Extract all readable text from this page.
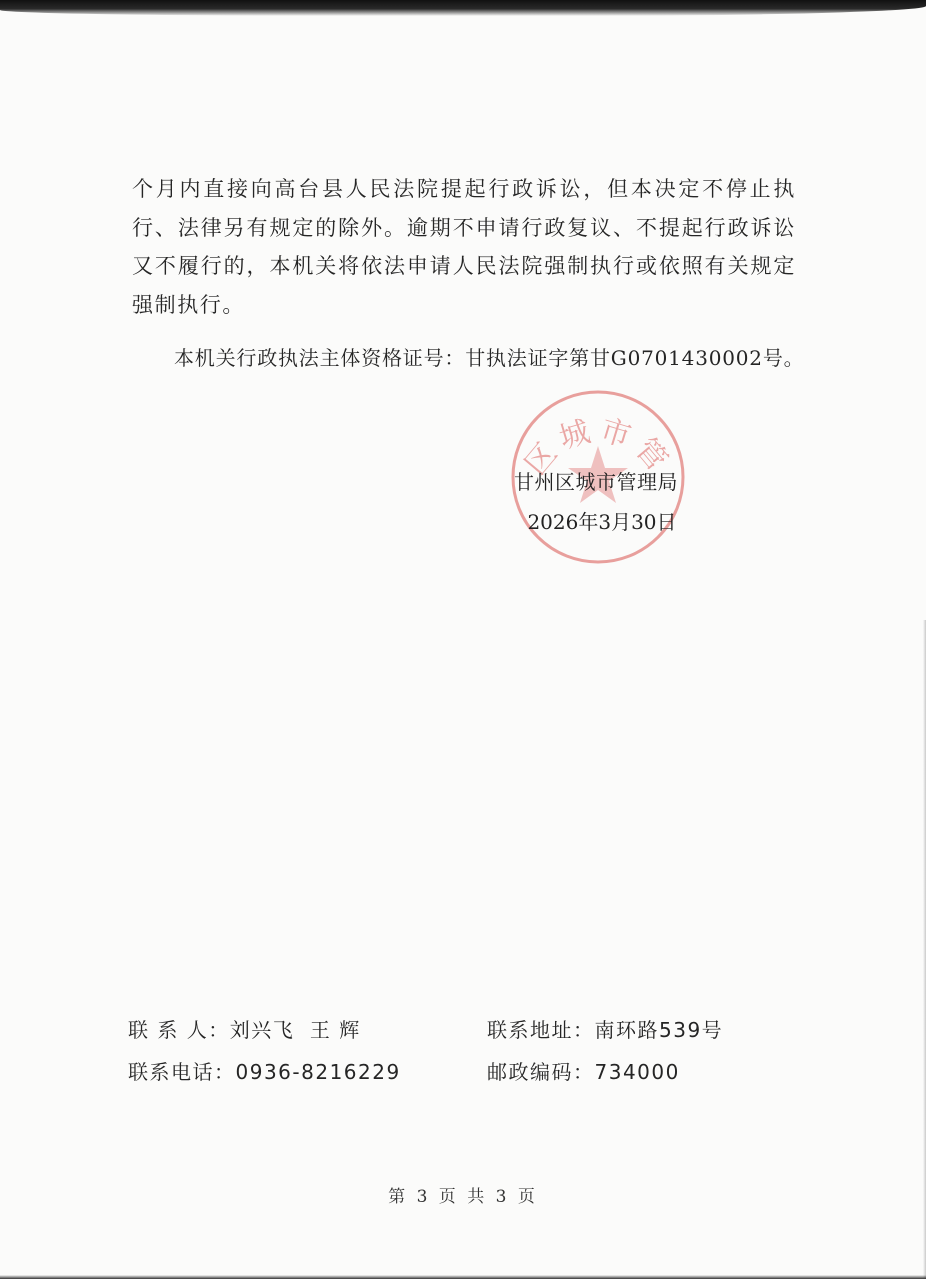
个月内直接向高台县人民法院提起行政诉讼，但本决定不停止执行、法律另有规定的除外。逾期不申请行政复议、不提起行政诉讼又不履行的，本机关将依法申请人民法院强制执行或依照有关规定强制执行。

本机关行政执法主体资格证号：甘执法证字第甘G0701430002号。
区城市管
甘州区城市管理局
2026年3月30日
联 系 人：刘兴飞  王 辉	联系地址：南环路539号
联系电话：0936-8216229	邮政编码：734000
第 3 页 共 3 页
